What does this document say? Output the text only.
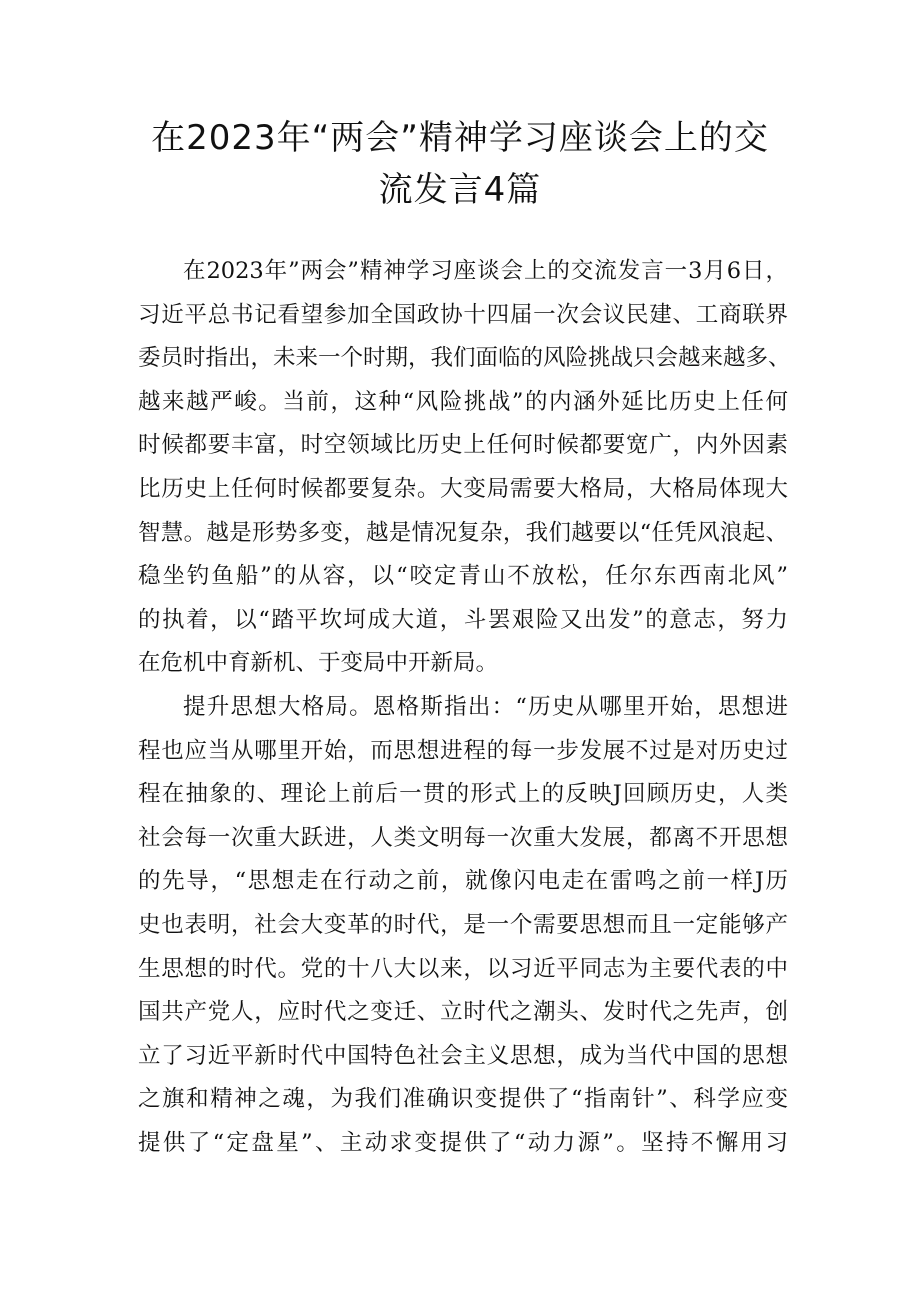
在2023年“两会”精神学习座谈会上的交
流发言4篇
在2023年”两会”精神学习座谈会上的交流发言一3月6日，
习近平总书记看望参加全国政协十四届一次会议民建、工商联界
委员时指出，未来一个时期，我们面临的风险挑战只会越来越多、
越来越严峻。当前，这种“风险挑战”的内涵外延比历史上任何
时候都要丰富，时空领域比历史上任何时候都要宽广，内外因素
比历史上任何时候都要复杂。大变局需要大格局，大格局体现大
智慧。越是形势多变，越是情况复杂，我们越要以“任凭风浪起、
稳坐钓鱼船”的从容，以“咬定青山不放松，任尔东西南北风”
的执着，以“踏平坎坷成大道，斗罢艰险又出发”的意志，努力
在危机中育新机、于变局中开新局。
提升思想大格局。恩格斯指出：“历史从哪里开始，思想进
程也应当从哪里开始，而思想进程的每一步发展不过是对历史过
程在抽象的、理论上前后一贯的形式上的反映J回顾历史，人类
社会每一次重大跃进，人类文明每一次重大发展，都离不开思想
的先导，“思想走在行动之前，就像闪电走在雷鸣之前一样J历
史也表明，社会大变革的时代，是一个需要思想而且一定能够产
生思想的时代。党的十八大以来，以习近平同志为主要代表的中
国共产党人，应时代之变迁、立时代之潮头、发时代之先声，创
立了习近平新时代中国特色社会主义思想，成为当代中国的思想
之旗和精神之魂，为我们准确识变提供了“指南针”、科学应变
提供了“定盘星”、主动求变提供了“动力源”。坚持不懈用习
